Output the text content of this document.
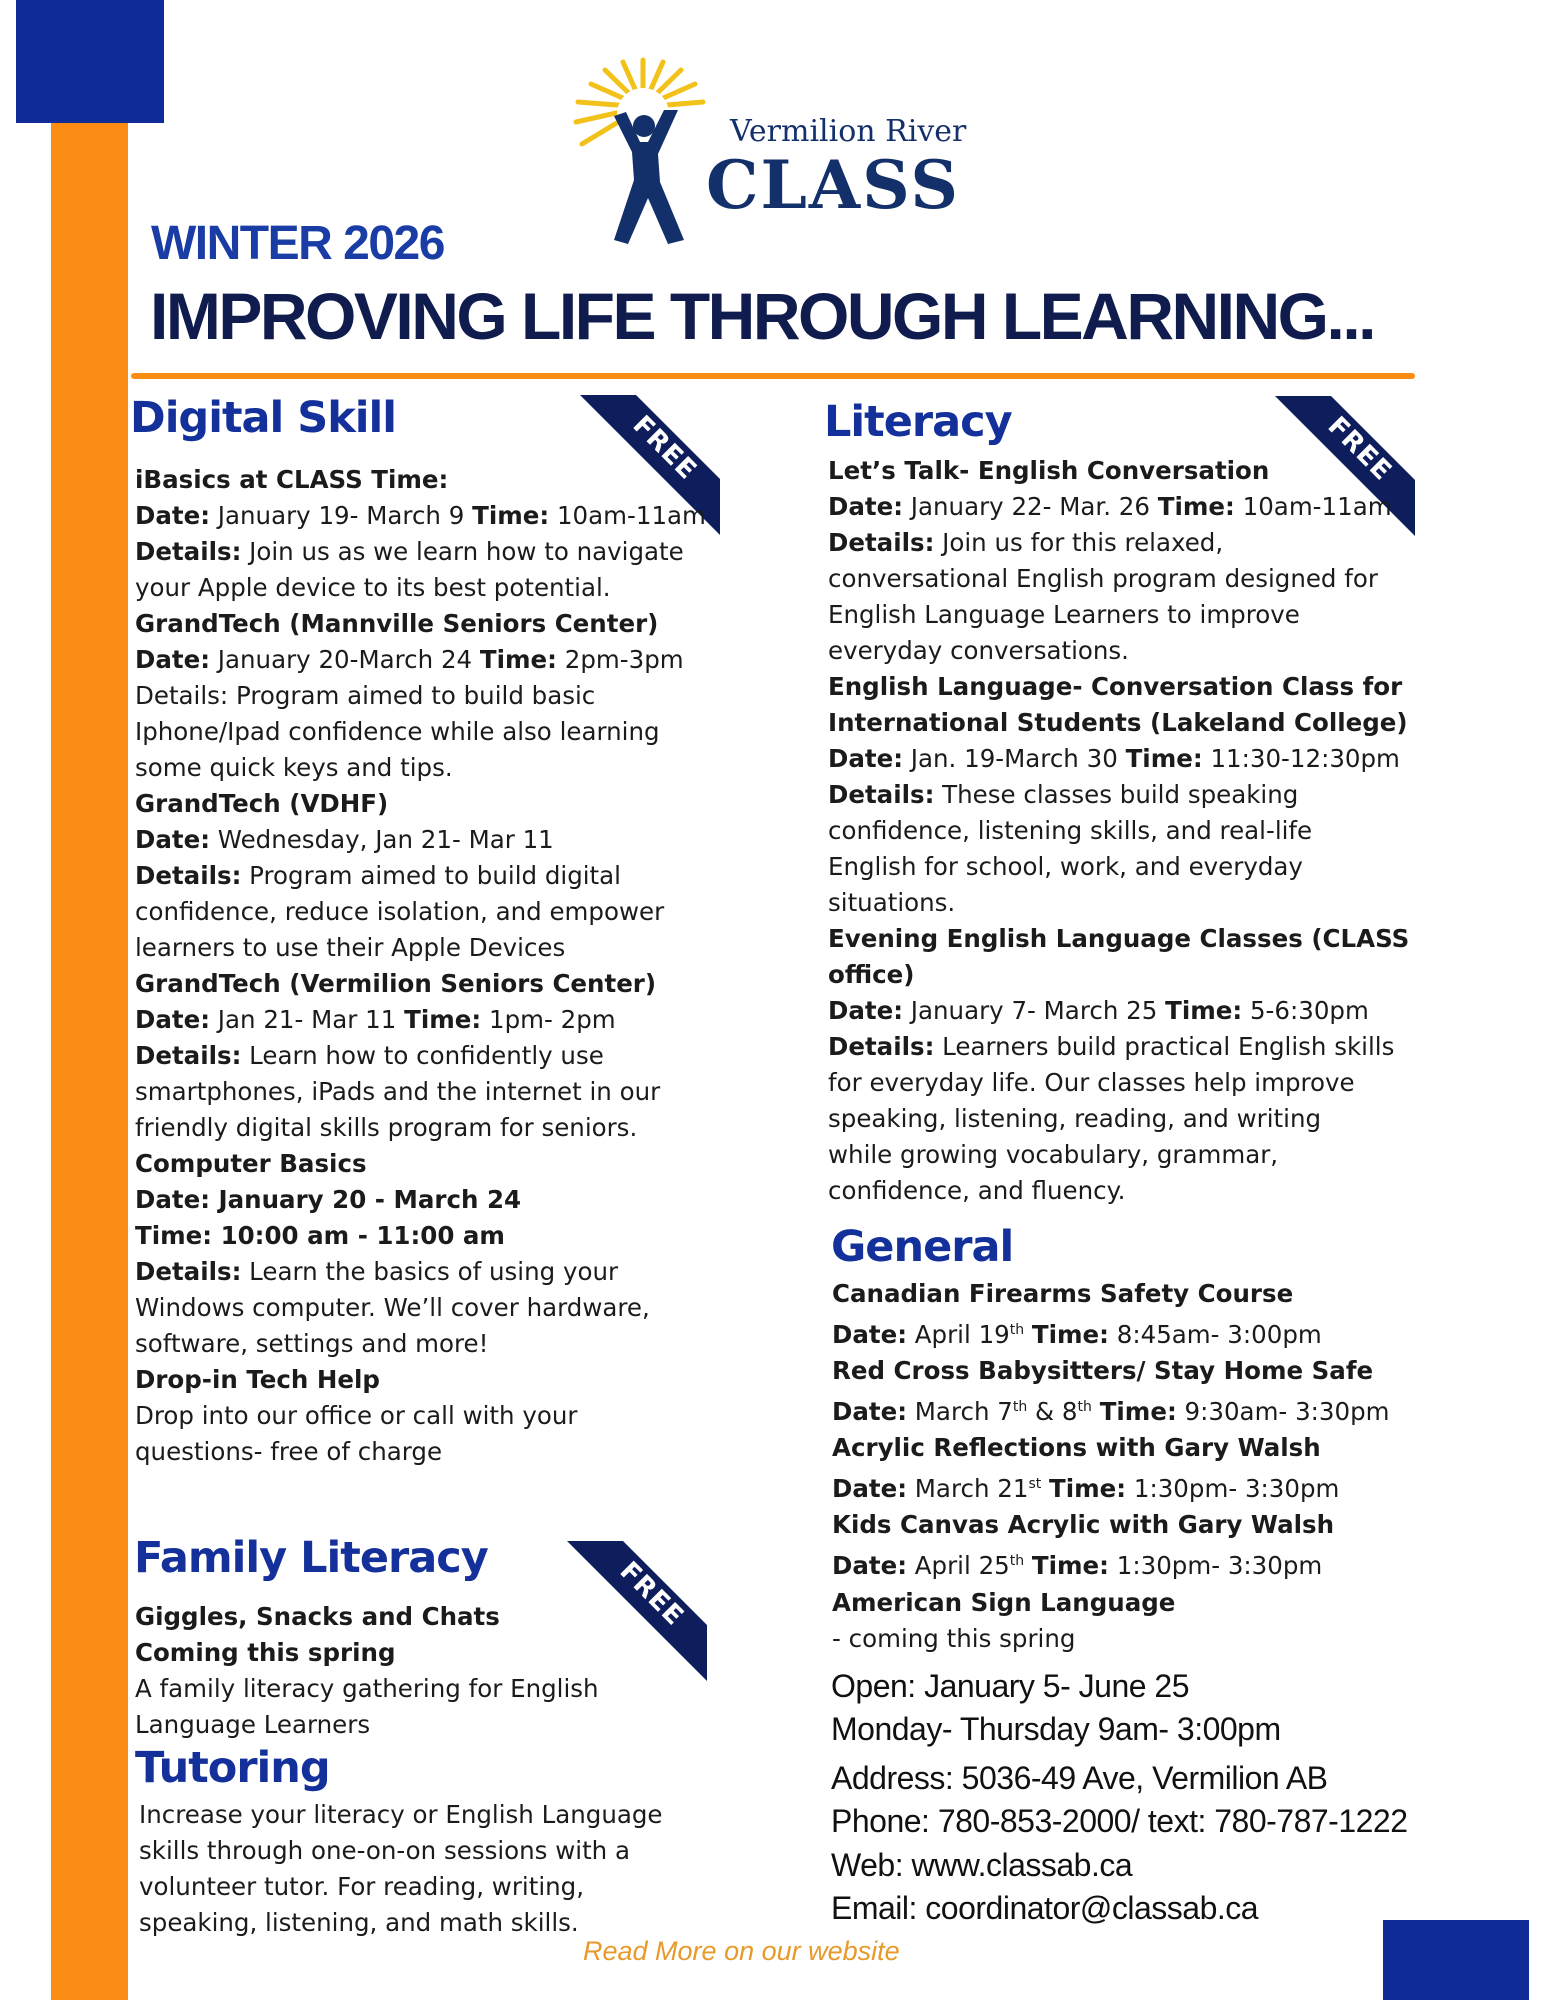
Vermilion River
CLASS
WINTER 2026
IMPROVING LIFE THROUGH LEARNING...
Digital Skill	FREE

iBasics at CLASS Time:

Date: January 19- March 9 Time: 10am-11am

Details: Join us as we learn how to navigate

your Apple device to its best potential.

GrandTech (Mannville Seniors Center)

Date: January 20-March 24 Time: 2pm-3pm

Details: Program aimed to build basic

Iphone/Ipad confidence while also learning

some quick keys and tips.

GrandTech (VDHF)

Date: Wednesday, Jan 21- Mar 11

Details: Program aimed to build digital

confidence, reduce isolation, and empower

learners to use their Apple Devices

GrandTech (Vermilion Seniors Center)

Date: Jan 21- Mar 11 Time: 1pm- 2pm

Details: Learn how to confidently use

smartphones, iPads and the internet in our

friendly digital skills program for seniors.

Computer Basics

Date: January 20 - March 24

Time: 10:00 am - 11:00 am

Details: Learn the basics of using your

Windows computer. We’ll cover hardware,

software, settings and more!

Drop-in Tech Help

Drop into our office or call with your

questions- free of charge

Family Literacy	FREE

Giggles, Snacks and Chats

Coming this spring

A family literacy gathering for English

Language Learners

Tutoring

Increase your literacy or English Language

skills through one-on-on sessions with a

volunteer tutor. For reading, writing,

speaking, listening, and math skills.

Literacy	FREE

Let’s Talk- English Conversation

Date: January 22- Mar. 26 Time: 10am-11am

Details: Join us for this relaxed,

conversational English program designed for

English Language Learners to improve

everyday conversations.

English Language- Conversation Class for

International Students (Lakeland College)

Date: Jan. 19-March 30 Time: 11:30-12:30pm

Details: These classes build speaking

confidence, listening skills, and real-life

English for school, work, and everyday

situations.

Evening English Language Classes (CLASS

office)

Date: January 7- March 25 Time: 5-6:30pm

Details: Learners build practical English skills

for everyday life. Our classes help improve

speaking, listening, reading, and writing

while growing vocabulary, grammar,

confidence, and fluency.

General

Canadian Firearms Safety Course

Date: April 19th Time: 8:45am- 3:00pm

Red Cross Babysitters/ Stay Home Safe

Date: March 7th & 8th Time: 9:30am- 3:30pm

Acrylic Reflections with Gary Walsh

Date: March 21st Time: 1:30pm- 3:30pm

Kids Canvas Acrylic with Gary Walsh

Date: April 25th Time: 1:30pm- 3:30pm

American Sign Language

- coming this spring

Open: January 5- June 25
Monday- Thursday 9am- 3:00pm
Address: 5036-49 Ave, Vermilion AB
Phone: 780-853-2000/ text: 780-787-1222
Web: www.classab.ca
Email: coordinator@classab.ca
Read More on our website
